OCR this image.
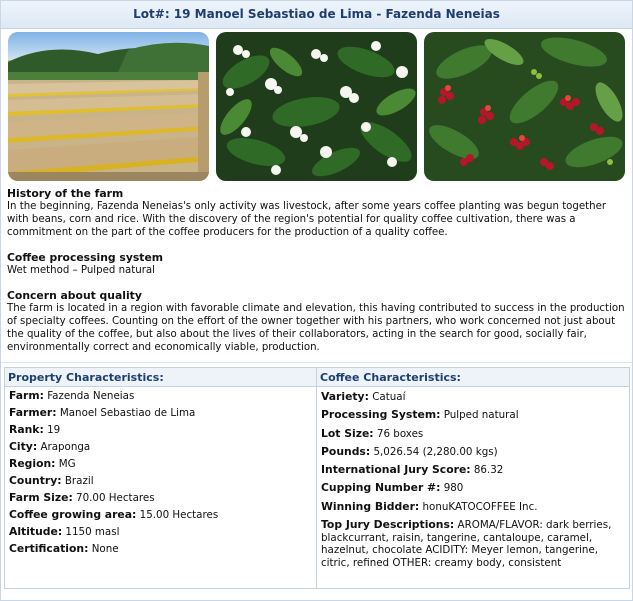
Lot#: 19 Manoel Sebastiao de Lima - Fazenda Neneias
History of the farm

In the beginning, Fazenda Neneias's only activity was livestock, after some years coffee planting was begun together with beans, corn and rice. With the discovery of the region's potential for quality coffee cultivation, there was a commitment on the part of the coffee producers for the production of a quality coffee.

Coffee processing system

Wet method – Pulped natural

Concern about quality

The farm is located in a region with favorable climate and elevation, this having contributed to success in the production of specialty coffees. Counting on the effort of the owner together with his partners, who work concerned not just about the quality of the coffee, but also about the lives of their collaborators, acting in the search for good, socially fair, environmentally correct and economically viable, production.

Property Characteristics:
Farm: Fazenda Neneias
Farmer: Manoel Sebastiao de Lima
Rank: 19
City: Araponga
Region: MG
Country: Brazil
Farm Size: 70.00 Hectares
Coffee growing area: 15.00 Hectares
Altitude: 1150 masl
Certification: None
Coffee Characteristics:
Variety: Catuaí
Processing System: Pulped natural
Lot Size: 76 boxes
Pounds: 5,026.54 (2,280.00 kgs)
International Jury Score: 86.32
Cupping Number #: 980
Winning Bidder: honuKATOCOFFEE Inc.
Top Jury Descriptions: AROMA/FLAVOR: dark berries, blackcurrant, raisin, tangerine, cantaloupe, caramel, hazelnut, chocolate ACIDITY: Meyer lemon, tangerine, citric, refined OTHER: creamy body, consistent
